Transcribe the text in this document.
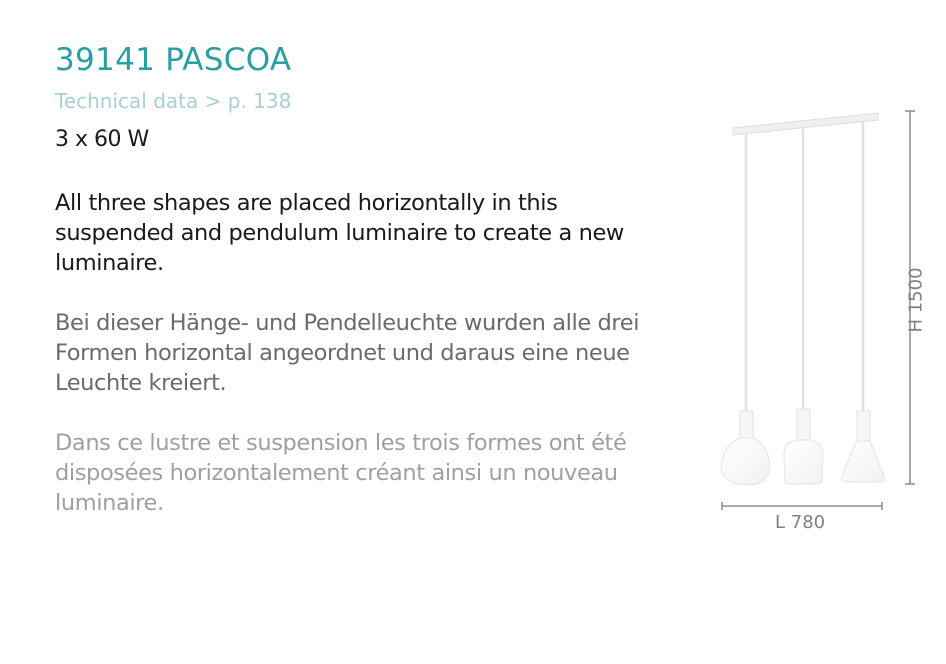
39141 PASCOA
Technical data > p. 138
3 x 60 W

All three shapes are placed horizontally in this suspended and pendulum luminaire to create a new luminaire.

Bei dieser Hänge- und Pendelleuchte wurden alle drei Formen horizontal angeordnet und daraus eine neue Leuchte kreiert.

Dans ce lustre et suspension les trois formes ont été disposées horizontalement créant ainsi un nouveau luminaire.

L 780
H 1500
